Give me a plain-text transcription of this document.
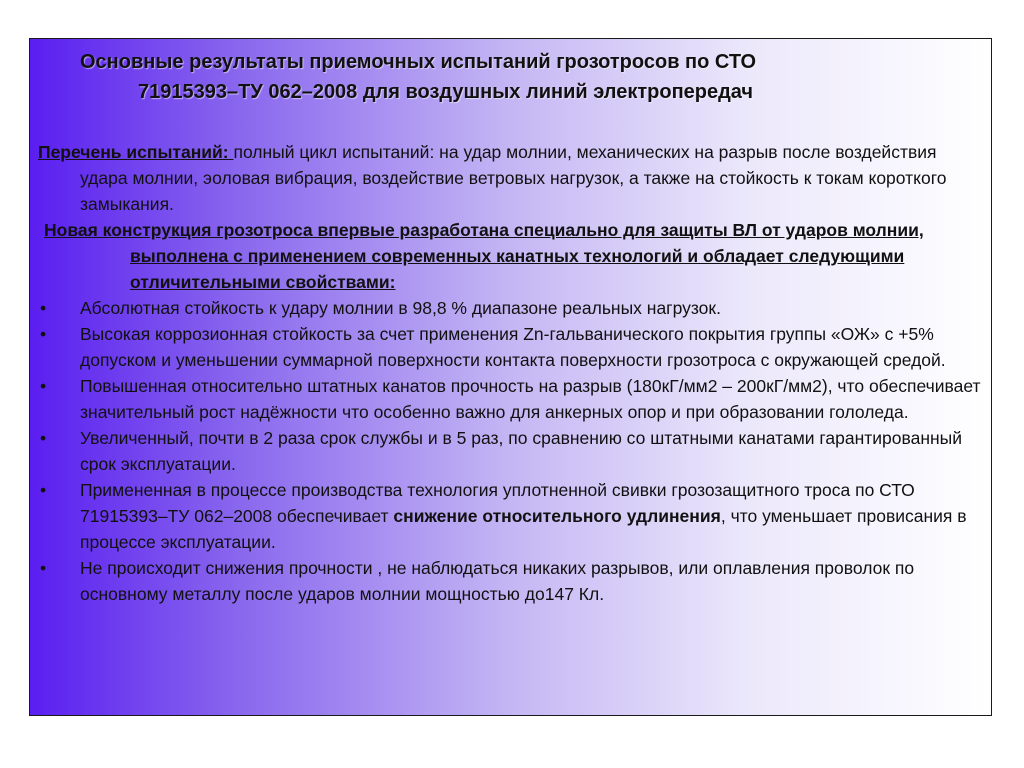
Основные результаты приемочных испытаний грозотросов по СТО
71915393–ТУ 062–2008 для воздушных линий электропередач

Перечень испытаний: полный цикл испытаний: на удар молнии, механических на разрыв после воздействия удара молнии, эоловая вибрация, воздействие ветровых нагрузок, а также на стойкость к токам короткого замыкания.

Новая конструкция грозотроса впервые разработана специально для защиты ВЛ от ударов молнии, выполнена с применением современных канатных технологий и обладает следующими отличительными свойствами:

• Абсолютная стойкость к удару молнии в 98,8 % диапазоне реальных нагрузок.
• Высокая коррозионная стойкость за счет применения Zn-гальванического покрытия группы «ОЖ» с +5% допуском и уменьшении суммарной поверхности контакта поверхности грозотроса с окружающей средой.
• Повышенная относительно штатных канатов прочность на разрыв (180кГ/мм2 – 200кГ/мм2), что обеспечивает значительный рост надёжности что особенно важно для анкерных опор и при образовании гололеда.
• Увеличенный, почти в 2 раза срок службы и в 5 раз, по сравнению со штатными канатами гарантированный срок эксплуатации.
• Примененная в процессе производства технология уплотненной свивки грозозащитного троса по СТО 71915393–ТУ 062–2008 обеспечивает снижение относительного удлинения, что уменьшает провисания в процессе эксплуатации.
• Не происходит снижения прочности , не наблюдаться никаких разрывов, или оплавления проволок по основному металлу после ударов молнии мощностью до147 Кл.
